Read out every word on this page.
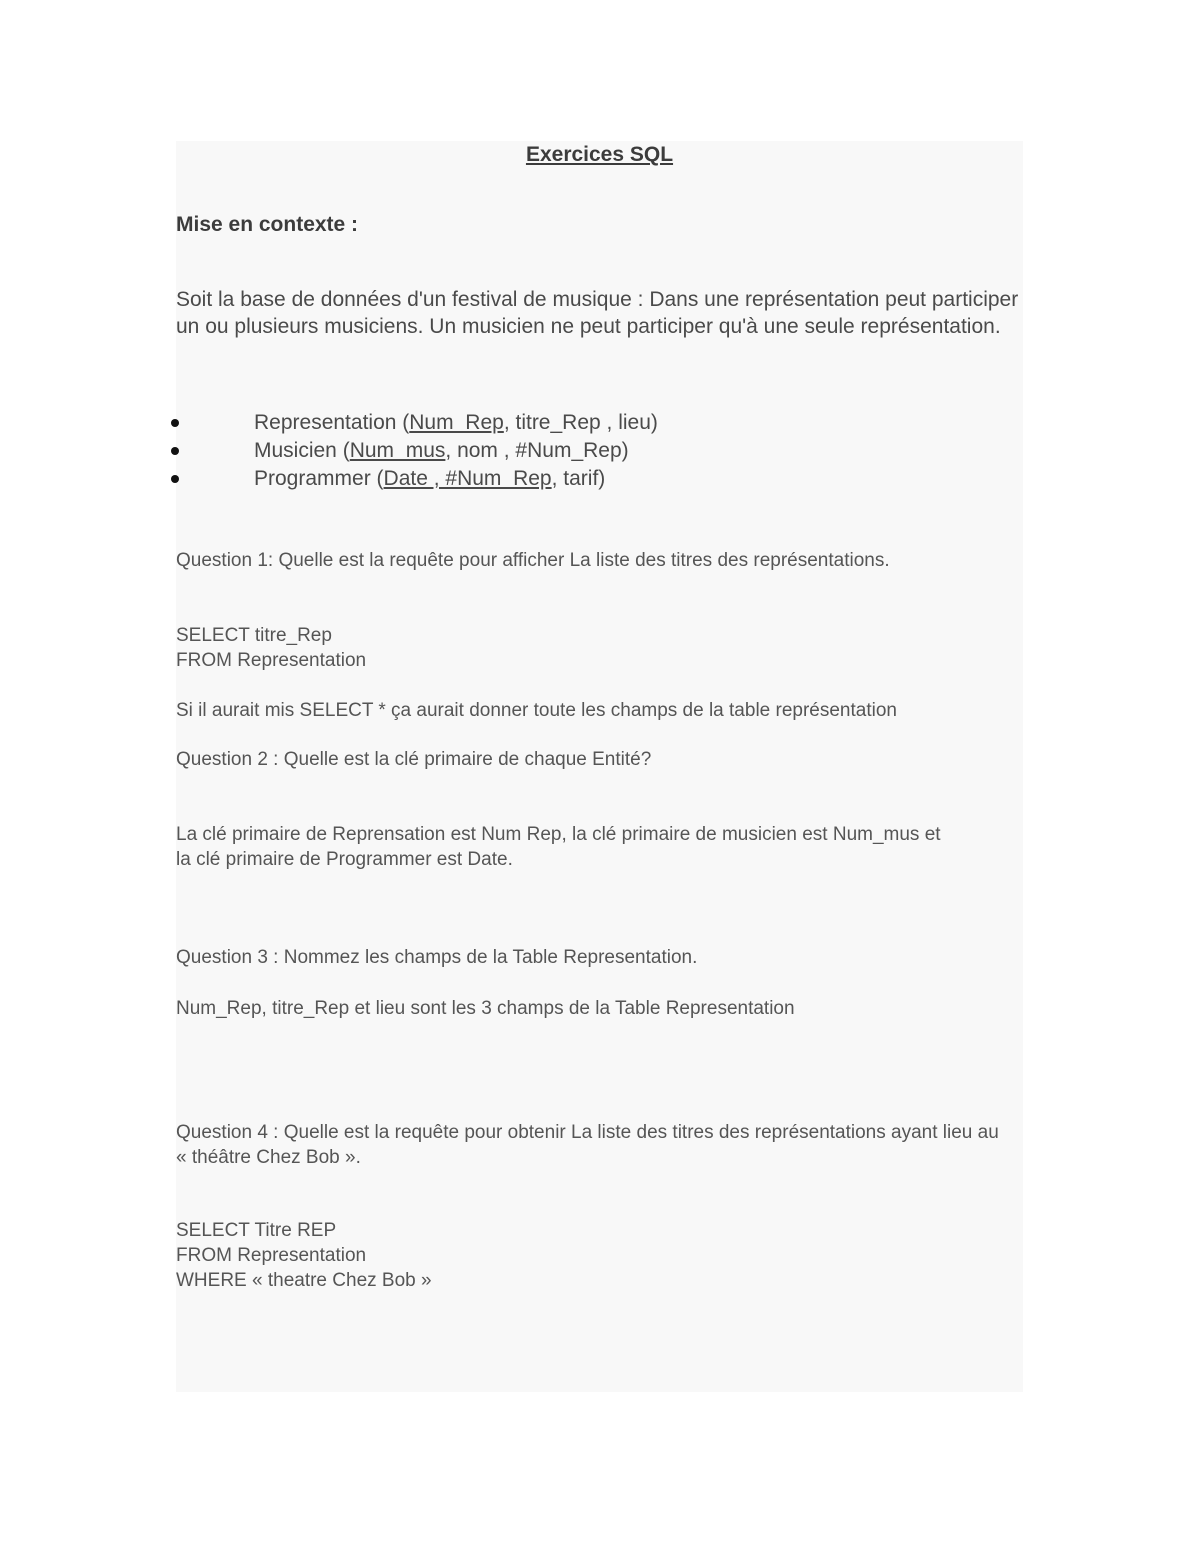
Exercices SQL
Mise en contexte :
Soit la base de données d'un festival de musique : Dans une représentation peut participer un ou plusieurs musiciens. Un musicien ne peut participer qu'à une seule représentation.
Representation (Num_Rep, titre_Rep , lieu)
Musicien (Num_mus, nom , #Num_Rep)
Programmer (Date , #Num_Rep, tarif)
Question 1: Quelle est la requête pour afficher La liste des titres des représentations.
SELECT titre_Rep
FROM Representation
Si il aurait mis SELECT * ça aurait donner toute les champs de la table représentation
Question 2 : Quelle est la clé primaire de chaque Entité?
La clé primaire de Reprensation est Num Rep, la clé primaire de musicien est Num_mus et la clé primaire de Programmer est Date.
Question 3 : Nommez les champs de la Table Representation.
Num_Rep, titre_Rep et lieu sont les 3 champs de la Table Representation
Question 4 : Quelle est la requête pour obtenir La liste des titres des représentations ayant lieu au « théâtre Chez Bob ».
SELECT Titre REP
FROM Representation
WHERE « theatre Chez Bob »
